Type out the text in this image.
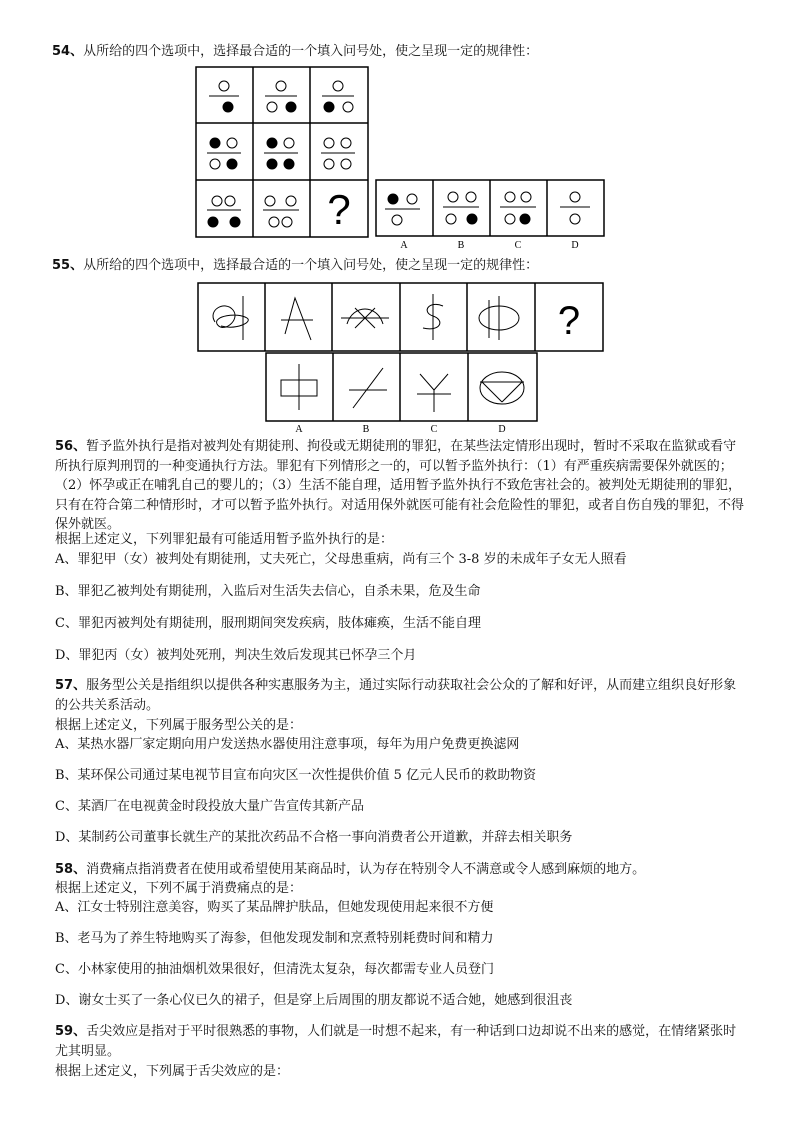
54、从所给的四个选项中，选择最合适的一个填入问号处，使之呈现一定的规律性：
?
A	B	C	D
55、从所给的四个选项中，选择最合适的一个填入问号处，使之呈现一定的规律性：
?
A	B	C	D
56、暂予监外执行是指对被判处有期徒刑、拘役或无期徒刑的罪犯，在某些法定情形出现时，暂时不采取在监狱或看守所执行原判刑罚的一种变通执行方法。罪犯有下列情形之一的，可以暂予监外执行：（1）有严重疾病需要保外就医的；（2）怀孕或正在哺乳自己的婴儿的；（3）生活不能自理，适用暂予监外执行不致危害社会的。被判处无期徒刑的罪犯，只有在符合第二种情形时，才可以暂予监外执行。对适用保外就医可能有社会危险性的罪犯，或者自伤自残的罪犯，不得保外就医。
根据上述定义，下列罪犯最有可能适用暂予监外执行的是：
A、罪犯甲（女）被判处有期徒刑，丈夫死亡，父母患重病，尚有三个 3-8 岁的未成年子女无人照看
B、罪犯乙被判处有期徒刑，入监后对生活失去信心，自杀未果，危及生命
C、罪犯丙被判处有期徒刑，服刑期间突发疾病，肢体瘫痪，生活不能自理
D、罪犯丙（女）被判处死刑，判决生效后发现其已怀孕三个月
57、服务型公关是指组织以提供各种实惠服务为主，通过实际行动获取社会公众的了解和好评，从而建立组织良好形象的公共关系活动。
根据上述定义，下列属于服务型公关的是：
A、某热水器厂家定期向用户发送热水器使用注意事项，每年为用户免费更换滤网
B、某环保公司通过某电视节目宣布向灾区一次性提供价值 5 亿元人民币的救助物资
C、某酒厂在电视黄金时段投放大量广告宣传其新产品
D、某制药公司董事长就生产的某批次药品不合格一事向消费者公开道歉，并辞去相关职务
58、消费痛点指消费者在使用或希望使用某商品时，认为存在特别令人不满意或令人感到麻烦的地方。
根据上述定义，下列不属于消费痛点的是：
A、江女士特别注意美容，购买了某品牌护肤品，但她发现使用起来很不方便
B、老马为了养生特地购买了海参，但他发现发制和烹煮特别耗费时间和精力
C、小林家使用的抽油烟机效果很好，但清洗太复杂，每次都需专业人员登门
D、谢女士买了一条心仪已久的裙子，但是穿上后周围的朋友都说不适合她，她感到很沮丧
59、舌尖效应是指对于平时很熟悉的事物，人们就是一时想不起来，有一种话到口边却说不出来的感觉，在情绪紧张时尤其明显。
根据上述定义，下列属于舌尖效应的是：
